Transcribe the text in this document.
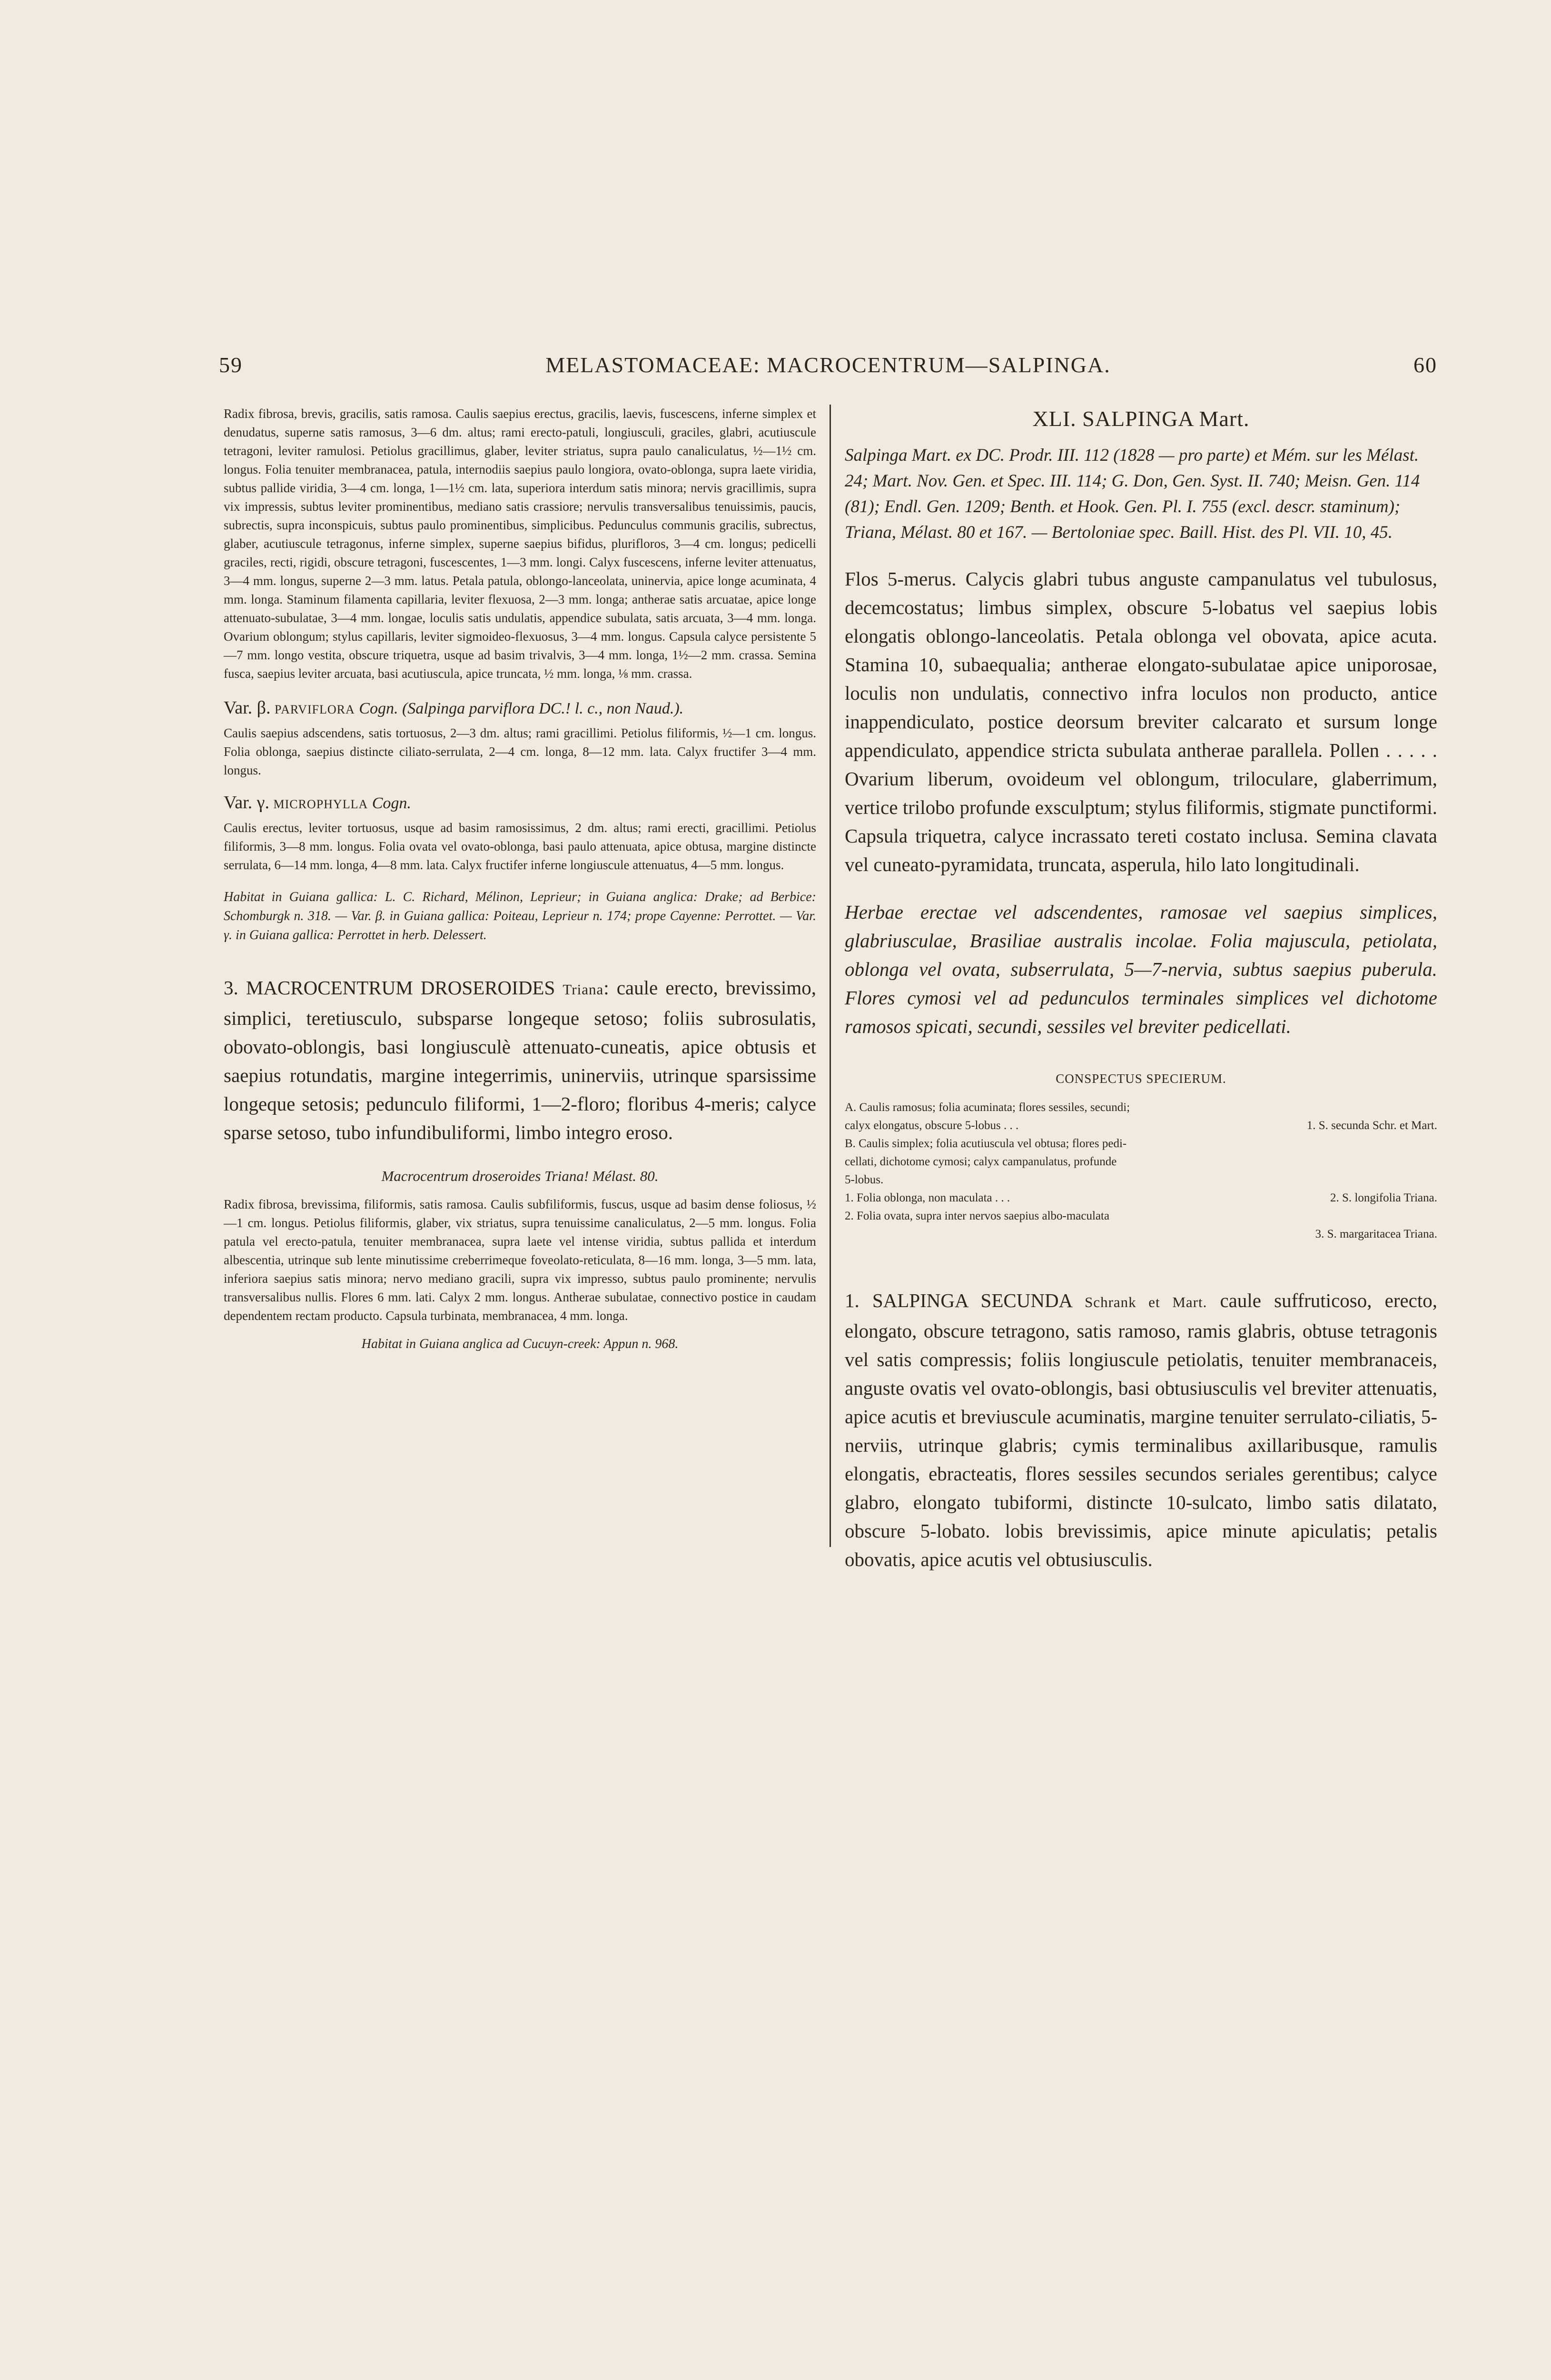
59	MELASTOMACEAE: MACROCENTRUM—SALPINGA.	60

Radix fibrosa, brevis, gracilis, satis ramosa. Caulis saepius erectus, gracilis, laevis, fuscescens, inferne simplex et denudatus, superne satis ramosus, 3—6 dm. altus; rami erecto-patuli, longiusculi, graciles, glabri, acutiuscule tetragoni, leviter ramulosi. Petiolus gracillimus, glaber, leviter striatus, supra paulo canaliculatus, ½—1½ cm. longus. Folia tenuiter membranacea, patula, internodiis saepius paulo longiora, ovato-oblonga, supra laete viridia, subtus pallide viridia, 3—4 cm. longa, 1—1½ cm. lata, superiora interdum satis minora; nervis gracillimis, supra vix impressis, subtus leviter prominentibus, mediano satis crassiore; nervulis transversalibus tenuissimis, paucis, subrectis, supra inconspicuis, subtus paulo prominentibus, simplicibus. Pedunculus communis gracilis, subrectus, glaber, acutiuscule tetragonus, inferne simplex, superne saepius bifidus, plurifloros, 3—4 cm. longus; pedicelli graciles, recti, rigidi, obscure tetragoni, fuscescentes, 1—3 mm. longi. Calyx fuscescens, inferne leviter attenuatus, 3—4 mm. longus, superne 2—3 mm. latus. Petala patula, oblongo-lanceolata, uninervia, apice longe acuminata, 4 mm. longa. Staminum filamenta capillaria, leviter flexuosa, 2—3 mm. longa; antherae satis arcuatae, apice longe attenuato-subulatae, 3—4 mm. longae, loculis satis undulatis, appendice subulata, satis arcuata, 3—4 mm. longa. Ovarium oblongum; stylus capillaris, leviter sigmoideo-flexuosus, 3—4 mm. longus. Capsula calyce persistente 5—7 mm. longo vestita, obscure triquetra, usque ad basim trivalvis, 3—4 mm. longa, 1½—2 mm. crassa. Semina fusca, saepius leviter arcuata, basi acutiuscula, apice truncata, ½ mm. longa, ⅛ mm. crassa.

Var. β. PARVIFLORA Cogn. (Salpinga parviflora DC.! l. c., non Naud.).

Caulis saepius adscendens, satis tortuosus, 2—3 dm. altus; rami gracillimi. Petiolus filiformis, ½—1 cm. longus. Folia oblonga, saepius distincte ciliato-serrulata, 2—4 cm. longa, 8—12 mm. lata. Calyx fructifer 3—4 mm. longus.

Var. γ. MICROPHYLLA Cogn.

Caulis erectus, leviter tortuosus, usque ad basim ramosissimus, 2 dm. altus; rami erecti, gracillimi. Petiolus filiformis, 3—8 mm. longus. Folia ovata vel ovato-oblonga, basi paulo attenuata, apice obtusa, margine distincte serrulata, 6—14 mm. longa, 4—8 mm. lata. Calyx fructifer inferne longiuscule attenuatus, 4—5 mm. longus.

Habitat in Guiana gallica: L. C. Richard, Mélinon, Leprieur; in Guiana anglica: Drake; ad Berbice: Schomburgk n. 318. — Var. β. in Guiana gallica: Poiteau, Leprieur n. 174; prope Cayenne: Perrottet. — Var. γ. in Guiana gallica: Perrottet in herb. Delessert.

3. MACROCENTRUM DROSEROIDES Triana: caule erecto, brevissimo, simplici, teretiusculo, subsparse longeque setoso; foliis subrosulatis, obovato-oblongis, basi longiusculè attenuato-cuneatis, apice obtusis et saepius rotundatis, margine integerrimis, uninerviis, utrinque sparsissime longeque setosis; pedunculo filiformi, 1—2-floro; floribus 4-meris; calyce sparse setoso, tubo infundibuliformi, limbo integro eroso.

Macrocentrum droseroides Triana! Mélast. 80.

Radix fibrosa, brevissima, filiformis, satis ramosa. Caulis subfiliformis, fuscus, usque ad basim dense foliosus, ½—1 cm. longus. Petiolus filiformis, glaber, vix striatus, supra tenuissime canaliculatus, 2—5 mm. longus. Folia patula vel erecto-patula, tenuiter membranacea, supra laete vel intense viridia, subtus pallida et interdum albescentia, utrinque sub lente minutissime creberrimeque foveolato-reticulata, 8—16 mm. longa, 3—5 mm. lata, inferiora saepius satis minora; nervo mediano gracili, supra vix impresso, subtus paulo prominente; nervulis transversalibus nullis. Flores 6 mm. lati. Calyx 2 mm. longus. Antherae subulatae, connectivo postice in caudam dependentem rectam producto. Capsula turbinata, membranacea, 4 mm. longa.

Habitat in Guiana anglica ad Cucuyn-creek: Appun n. 968.

XLI. SALPINGA Mart.

Salpinga Mart. ex DC. Prodr. III. 112 (1828 — pro parte) et Mém. sur les Mélast. 24; Mart. Nov. Gen. et Spec. III. 114; G. Don, Gen. Syst. II. 740; Meisn. Gen. 114 (81); Endl. Gen. 1209; Benth. et Hook. Gen. Pl. I. 755 (excl. descr. staminum); Triana, Mélast. 80 et 167. — Bertoloniae spec. Baill. Hist. des Pl. VII. 10, 45.

Flos 5-merus. Calycis glabri tubus anguste campanulatus vel tubulosus, decemcostatus; limbus simplex, obscure 5-lobatus vel saepius lobis elongatis oblongo-lanceolatis. Petala oblonga vel obovata, apice acuta. Stamina 10, subaequalia; antherae elongato-subulatae apice uniporosae, loculis non undulatis, connectivo infra loculos non producto, antice inappendiculato, postice deorsum breviter calcarato et sursum longe appendiculato, appendice stricta subulata antherae parallela. Pollen . . . . . Ovarium liberum, ovoideum vel oblongum, triloculare, glaberrimum, vertice trilobo profunde exsculptum; stylus filiformis, stigmate punctiformi. Capsula triquetra, calyce incrassato tereti costato inclusa. Semina clavata vel cuneato-pyramidata, truncata, asperula, hilo lato longitudinali.

Herbae erectae vel adscendentes, ramosae vel saepius simplices, glabriusculae, Brasiliae australis incolae. Folia majuscula, petiolata, oblonga vel ovata, subserrulata, 5—7-nervia, subtus saepius puberula. Flores cymosi vel ad pedunculos terminales simplices vel dichotome ramosos spicati, secundi, sessiles vel breviter pedicellati.

CONSPECTUS SPECIERUM.

A. Caulis ramosus; folia acuminata; flores sessiles, secundi;

calyx elongatus, obscure 5-lobus . . .	1. S. secunda Schr. et Mart.

B. Caulis simplex; folia acutiuscula vel obtusa; flores pedi-

cellati, dichotome cymosi; calyx campanulatus, profunde

5-lobus.

1. Folia oblonga, non maculata . . .	2. S. longifolia Triana.

2. Folia ovata, supra inter nervos saepius albo-maculata

3. S. margaritacea Triana.

1. SALPINGA SECUNDA Schrank et Mart. caule suffruticoso, erecto, elongato, obscure tetragono, satis ramoso, ramis glabris, obtuse tetragonis vel satis compressis; foliis longiuscule petiolatis, tenuiter membranaceis, anguste ovatis vel ovato-oblongis, basi obtusiusculis vel breviter attenuatis, apice acutis et breviuscule acuminatis, margine tenuiter serrulato-ciliatis, 5-nerviis, utrinque glabris; cymis terminalibus axillaribusque, ramulis elongatis, ebracteatis, flores sessiles secundos seriales gerentibus; calyce glabro, elongato tubiformi, distincte 10-sulcato, limbo satis dilatato, obscure 5-lobato. lobis brevissimis, apice minute apiculatis; petalis obovatis, apice acutis vel obtusiusculis.
